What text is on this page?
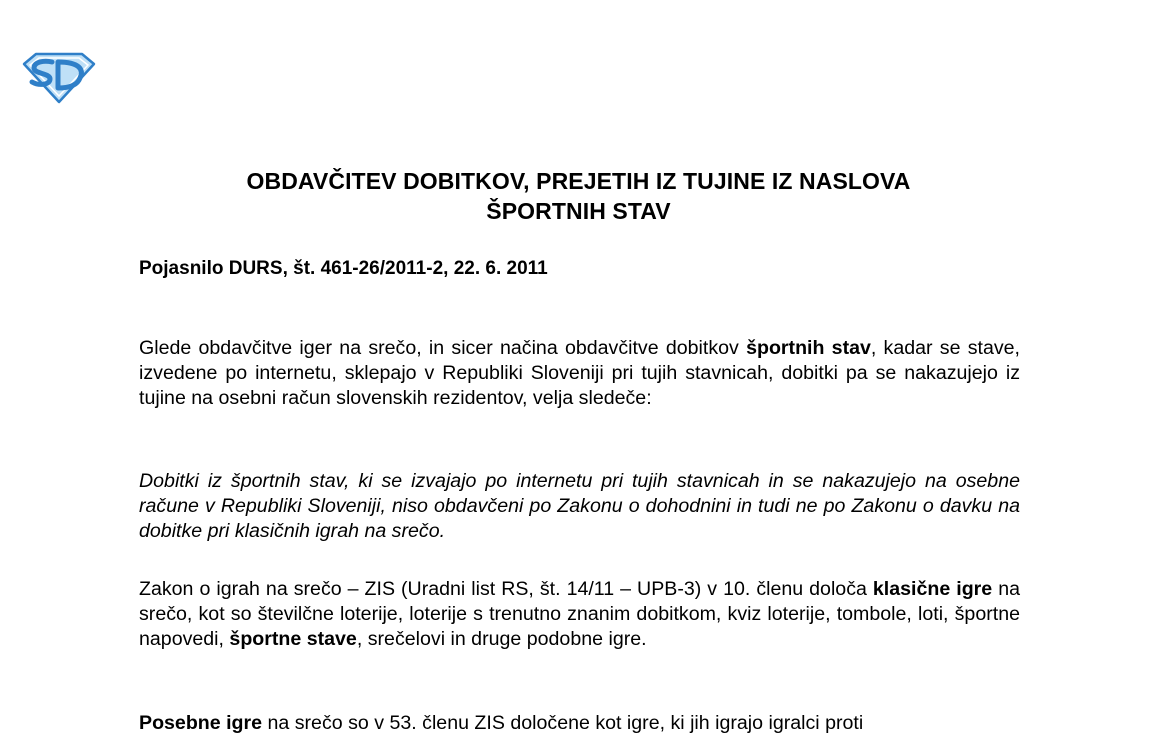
OBDAVČITEV DOBITKOV, PREJETIH IZ TUJINE IZ NASLOVA
ŠPORTNIH STAV
Pojasnilo DURS, št. 461-26/2011-2, 22. 6. 2011
Glede obdavčitve iger na srečo, in sicer načina obdavčitve dobitkov športnih stav, kadar se stave, izvedene po internetu, sklepajo v Republiki Sloveniji pri tujih stavnicah, dobitki pa se nakazujejo iz tujine na osebni račun slovenskih rezidentov, velja sledeče:
Dobitki iz športnih stav, ki se izvajajo po internetu pri tujih stavnicah in se nakazujejo na osebne račune v Republiki Sloveniji, niso obdavčeni po Zakonu o dohodnini in tudi ne po Zakonu o davku na dobitke pri klasičnih igrah na srečo.
Zakon o igrah na srečo – ZIS (Uradni list RS, št. 14/11 – UPB-3) v 10. členu določa klasične igre na srečo, kot so številčne loterije, loterije s trenutno znanim dobitkom, kviz loterije, tombole, loti, športne napovedi, športne stave, srečelovi in druge podobne igre.
Posebne igre na srečo so v 53. členu ZIS določene kot igre, ki jih igrajo igralci proti
